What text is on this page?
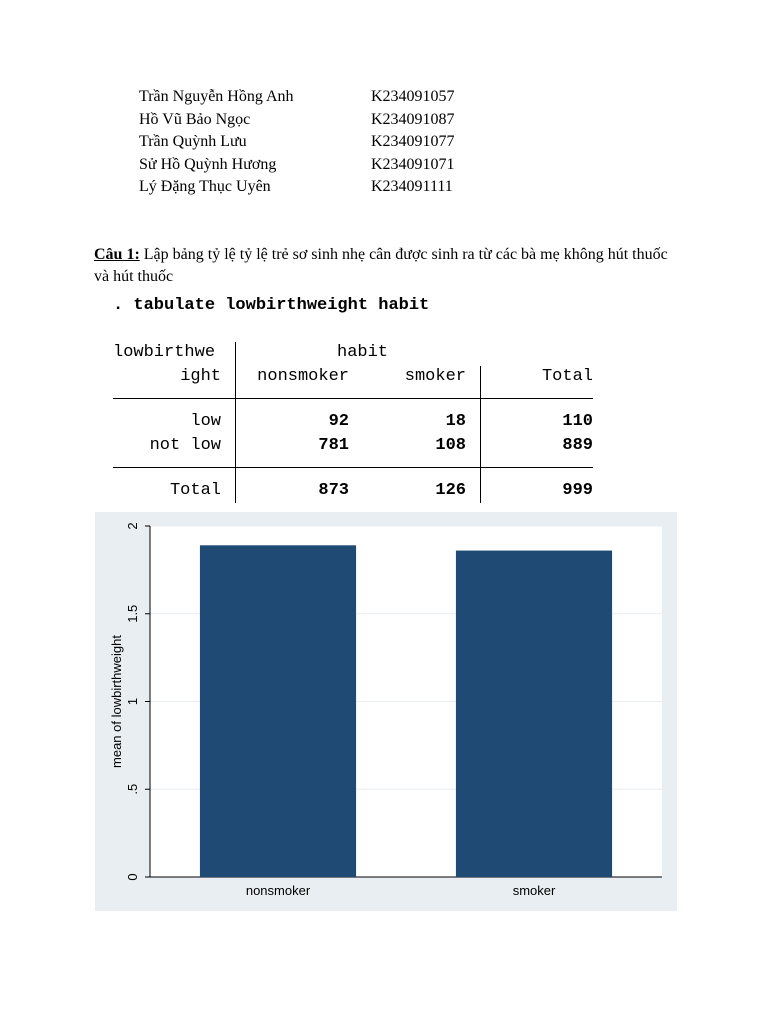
Trần Nguyễn Hồng Anh	K234091057
Hồ Vũ Bảo Ngọc	K234091087
Trần Quỳnh Lưu	K234091077
Sử Hồ Quỳnh Hương	K234091071
Lý Đặng Thục Uyên	K234091111
Câu 1: Lập bảng tỷ lệ tỷ lệ trẻ sơ sinh nhẹ cân được sinh ra từ các bà mẹ không hút thuốc và hút thuốc
. tabulate lowbirthweight habit
lowbirthwe
ight
habit
nonsmoker	smoker	Total
low	92	18	110
not low	781	108	889
Total	873	126	999
0
.5
1
1.5
2
mean of lowbirthweight
nonsmoker	smoker
